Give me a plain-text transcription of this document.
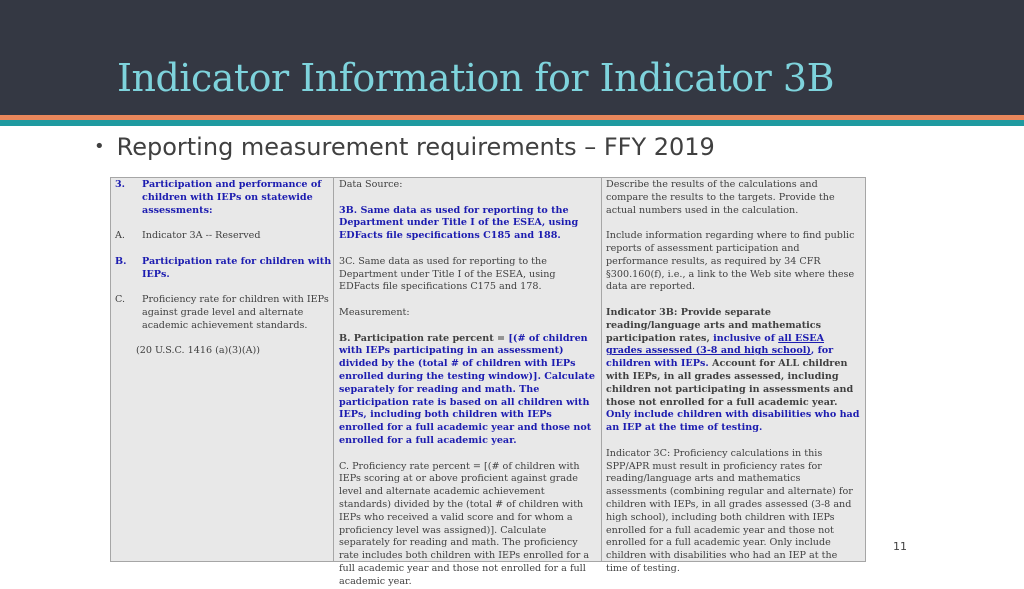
Indicator Information for Indicator 3B
• Reporting measurement requirements – FFY 2019
3. Participation and performance of children with IEPs on statewide assessments:
A. Indicator 3A -- Reserved
B. Participation rate for children with IEPs.
C. Proficiency rate for children with IEPs against grade level and alternate academic achievement standards.
(20 U.S.C. 1416 (a)(3)(A))

Data Source:

3B. Same data as used for reporting to the Department under Title I of the ESEA, using EDFacts file specifications C185 and 188.

3C. Same data as used for reporting to the Department under Title I of the ESEA, using EDFacts file specifications C175 and 178.

Measurement:

B. Participation rate percent = [(# of children with IEPs participating in an assessment) divided by the (total # of children with IEPs enrolled during the testing window)]. Calculate separately for reading and math. The participation rate is based on all children with IEPs, including both children with IEPs enrolled for a full academic year and those not enrolled for a full academic year.

C. Proficiency rate percent = [(# of children with IEPs scoring at or above proficient against grade level and alternate academic achievement standards) divided by the (total # of children with IEPs who received a valid score and for whom a proficiency level was assigned)]. Calculate separately for reading and math. The proficiency rate includes both children with IEPs enrolled for a full academic year and those not enrolled for a full academic year.

Describe the results of the calculations and compare the results to the targets. Provide the actual numbers used in the calculation.

Include information regarding where to find public reports of assessment participation and performance results, as required by 34 CFR §300.160(f), i.e., a link to the Web site where these data are reported.

Indicator 3B: Provide separate reading/language arts and mathematics participation rates, inclusive of all ESEA grades assessed (3-8 and high school), for children with IEPs. Account for ALL children with IEPs, in all grades assessed, including children not participating in assessments and those not enrolled for a full academic year. Only include children with disabilities who had an IEP at the time of testing.

Indicator 3C: Proficiency calculations in this SPP/APR must result in proficiency rates for reading/language arts and mathematics assessments (combining regular and alternate) for children with IEPs, in all grades assessed (3-8 and high school), including both children with IEPs enrolled for a full academic year and those not enrolled for a full academic year. Only include children with disabilities who had an IEP at the time of testing.

11
